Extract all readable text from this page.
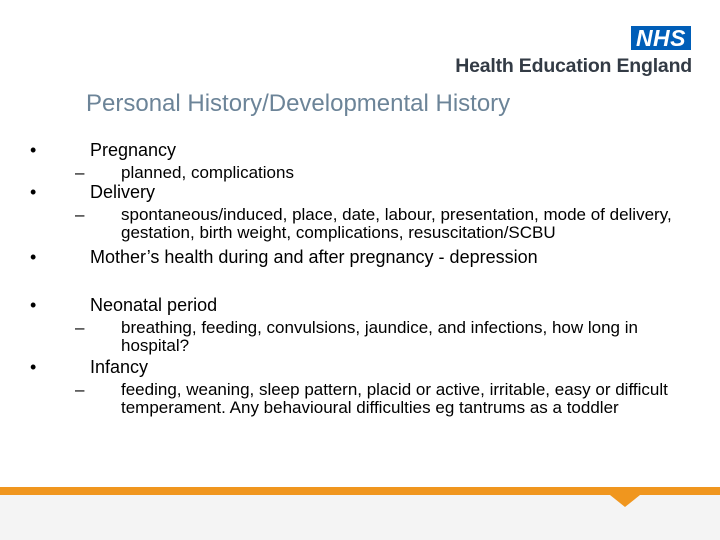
NHS
Health Education England
Personal History/Developmental History
•	Pregnancy
– planned, complications
•	Delivery
– spontaneous/induced, place, date, labour, presentation, mode of delivery, gestation, birth weight, complications, resuscitation/SCBU
•	Mother’s health during and after pregnancy - depression
•	Neonatal period
– breathing, feeding, convulsions, jaundice, and infections, how long in hospital?
•	Infancy
– feeding, weaning, sleep pattern, placid or active, irritable, easy or difficult temperament. Any behavioural difficulties eg tantrums as a toddler
